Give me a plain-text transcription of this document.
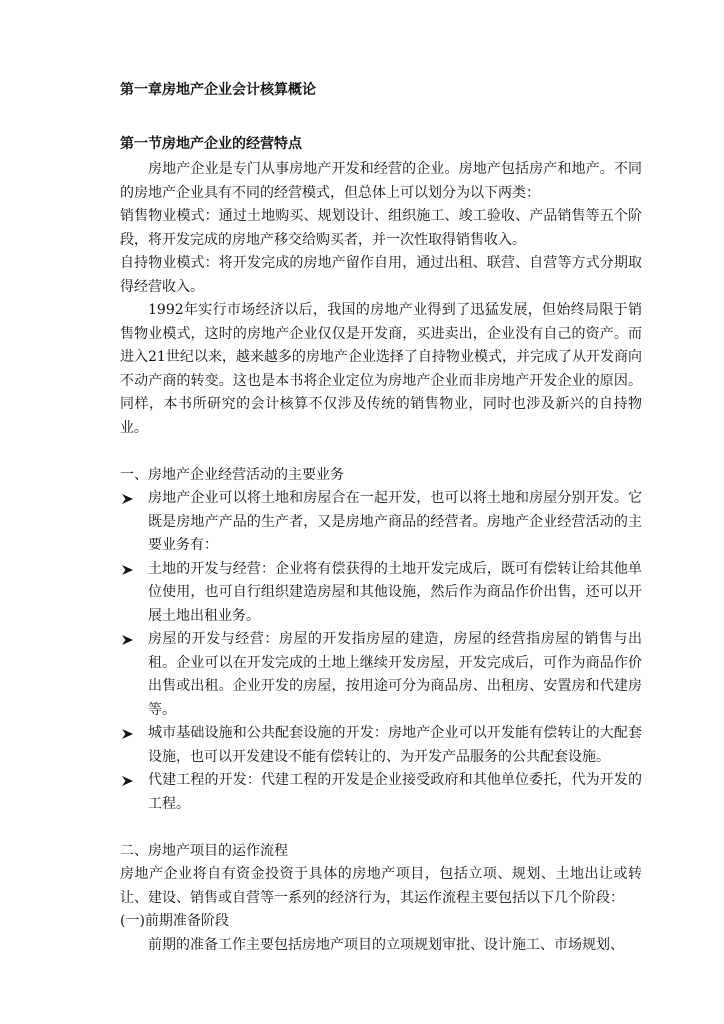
第一章房地产企业会计核算概论
第一节房地产企业的经营特点

房地产企业是专门从事房地产开发和经营的企业。房地产包括房产和地产。不同的房地产企业具有不同的经营模式，但总体上可以划分为以下两类：

销售物业模式：通过土地购买、规划设计、组织施工、竣工验收、产品销售等五个阶段，将开发完成的房地产移交给购买者，并一次性取得销售收入。

自持物业模式：将开发完成的房地产留作自用，通过出租、联营、自营等方式分期取得经营收入。

1992年实行市场经济以后，我国的房地产业得到了迅猛发展，但始终局限于销售物业模式，这时的房地产企业仅仅是开发商，买进卖出，企业没有自己的资产。而进入21世纪以来，越来越多的房地产企业选择了自持物业模式，并完成了从开发商向不动产商的转变。这也是本书将企业定位为房地产企业而非房地产开发企业的原因。同样，本书所研究的会计核算不仅涉及传统的销售物业，同时也涉及新兴的自持物业。

一、房地产企业经营活动的主要业务

房地产企业可以将土地和房屋合在一起开发，也可以将土地和房屋分别开发。它既是房地产产品的生产者，又是房地产商品的经营者。房地产企业经营活动的主要业务有：
土地的开发与经营：企业将有偿获得的土地开发完成后，既可有偿转让给其他单位使用，也可自行组织建造房屋和其他设施，然后作为商品作价出售，还可以开展土地出租业务。
房屋的开发与经营：房屋的开发指房屋的建造，房屋的经营指房屋的销售与出租。企业可以在开发完成的土地上继续开发房屋，开发完成后，可作为商品作价出售或出租。企业开发的房屋，按用途可分为商品房、出租房、安置房和代建房等。
城市基础设施和公共配套设施的开发：房地产企业可以开发能有偿转让的大配套设施，也可以开发建设不能有偿转让的、为开发产品服务的公共配套设施。
代建工程的开发：代建工程的开发是企业接受政府和其他单位委托，代为开发的工程。

二、房地产项目的运作流程

房地产企业将自有资金投资于具体的房地产项目，包括立项、规划、土地出让或转让、建设、销售或自营等一系列的经济行为，其运作流程主要包括以下几个阶段：

(一)前期准备阶段

前期的准备工作主要包括房地产项目的立项规划审批、设计施工、市场规划、
